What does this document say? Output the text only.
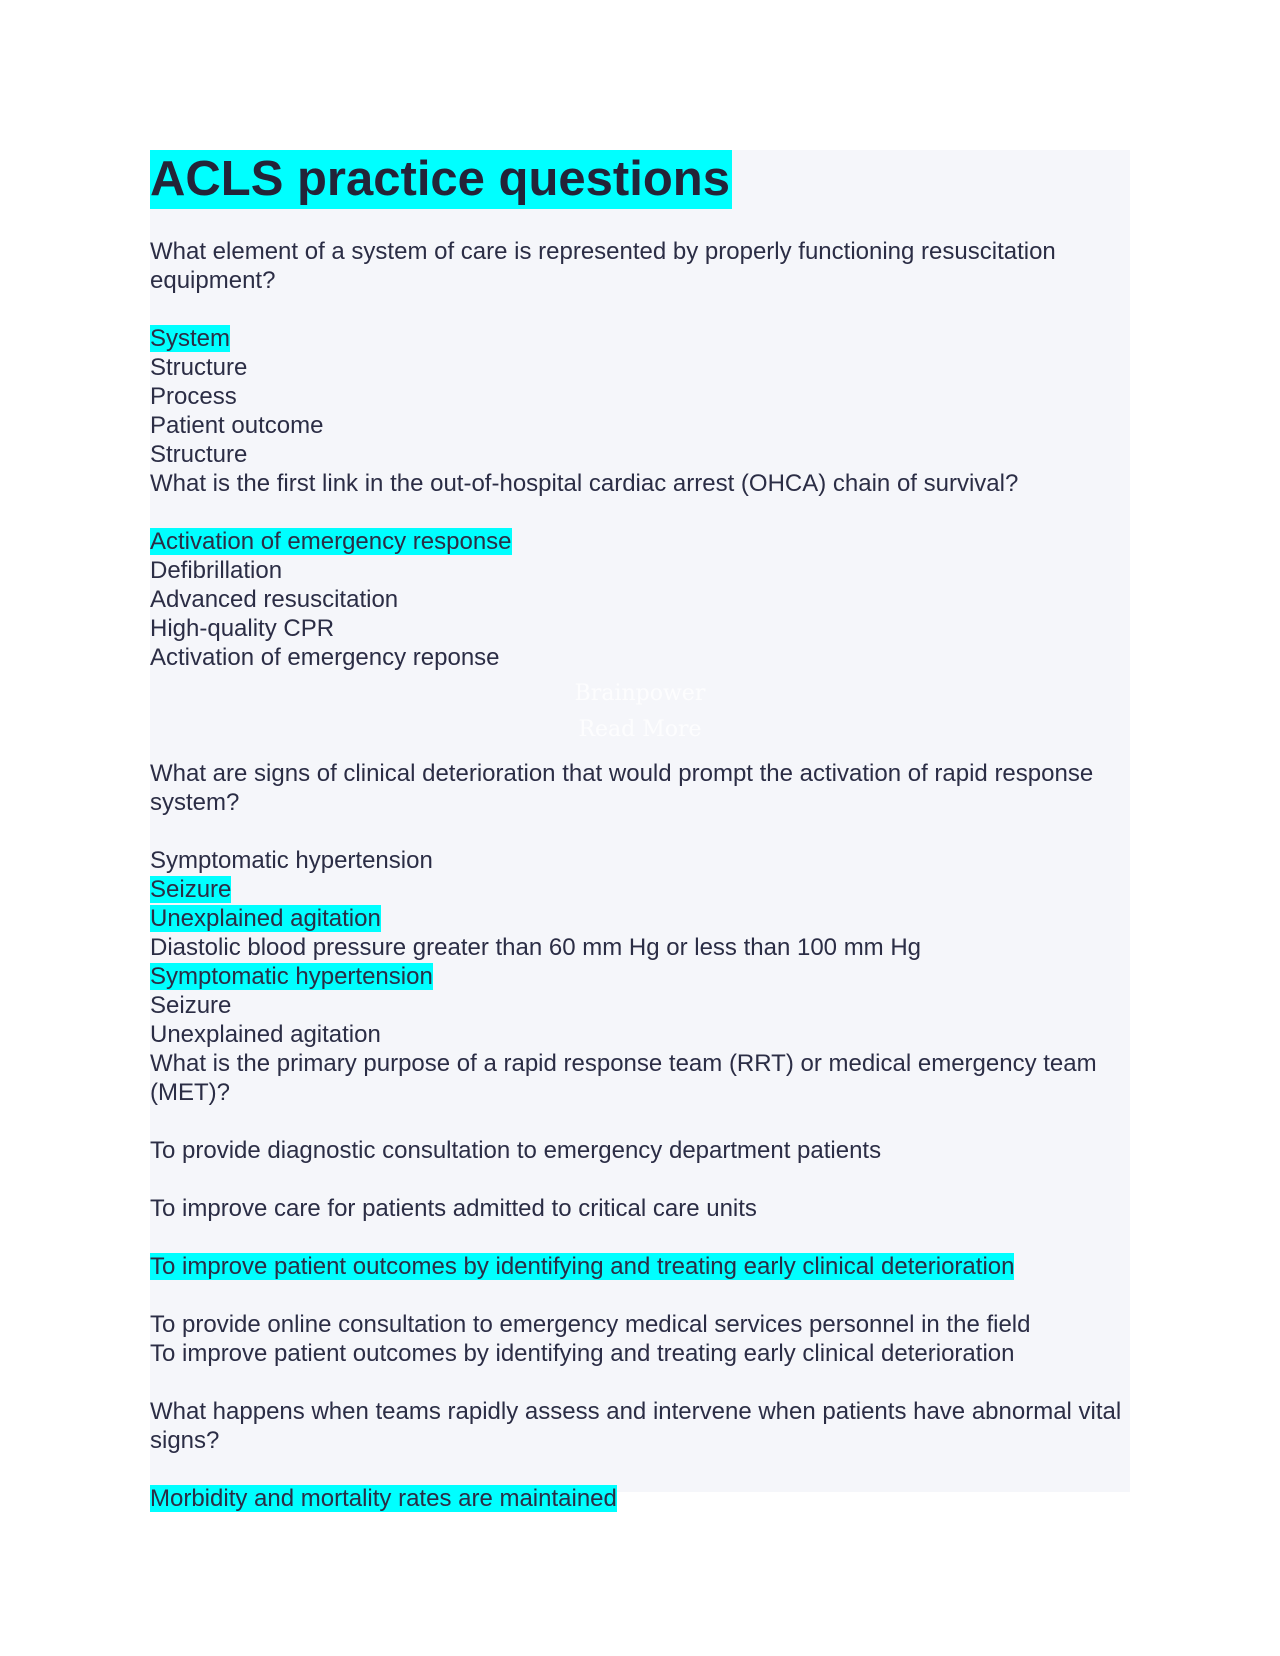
ACLS practice questions
What element of a system of care is represented by properly functioning resuscitation equipment?
System
Structure
Process
Patient outcome
Structure
What is the first link in the out-of-hospital cardiac arrest (OHCA) chain of survival?
Activation of emergency response
Defibrillation
Advanced resuscitation
High-quality CPR
Activation of emergency reponse
What are signs of clinical deterioration that would prompt the activation of rapid response system?
Symptomatic hypertension
Seizure
Unexplained agitation
Diastolic blood pressure greater than 60 mm Hg or less than 100 mm Hg
Symptomatic hypertension
Seizure
Unexplained agitation
What is the primary purpose of a rapid response team (RRT) or medical emergency team (MET)?
To provide diagnostic consultation to emergency department patients
To improve care for patients admitted to critical care units
To improve patient outcomes by identifying and treating early clinical deterioration
To provide online consultation to emergency medical services personnel in the field
To improve patient outcomes by identifying and treating early clinical deterioration
What happens when teams rapidly assess and intervene when patients have abnormal vital signs?
Morbidity and mortality rates are maintained
Brainpower
Read More
